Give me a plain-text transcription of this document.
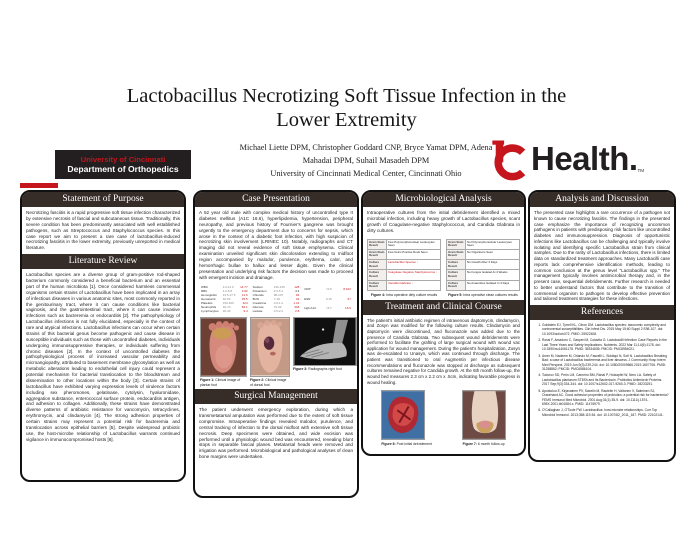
Lactobacillus Necrotizing Soft Tissue Infection in the
Lower Extremity
Michael Liette DPM, Christopher Goddard CNP, Bryce Yamat DPM, Adena
Mahadai DPM, Suhail Masadeh DPM
University of Cincinnati Medical Center, Cincinnati Ohio
University of Cincinnati
Department of Orthopedics	Health. TM
Statement of Purpose
Necrotizing fasciitis is a rapid progressive soft tissue infection characterized by extensive necrosis of fascial and subcutaneous tissue. Traditionally, this severe condition has been predominantly associated with well established pathogens, such as Streptococcus and Staphylococcus species. In this case report we aim to present a rare case of lactobacillus-induced necrotizing fasciitis in the lower extremity, previously unreported in medical literature.
Literature Review
Lactobacillus species are a diverse group of gram-positive rod-shaped bacterium commonly considered a beneficial bacterium and an essential part of the human microbiota [1]. Once considered harmless commensal organisms certain strains of Lactobacillus have been implicated in an array of infectious diseases in various anatomic sites, most commonly reported in the genitourinary tract, where it can cause conditions like bacterial vaginosis, and the gastrointestinal tract, where it can cause invasive infections such as bacteremia or endocarditis [2]. The pathophysiology of Lactobacillus infections is not fully elucidated, especially in the context of rare and atypical infections. Lactobacillus infections can occur when certain strains of this bacterial genus become pathogenic and cause disease in susceptible individuals such as those with uncontrolled diabetes, individuals undergoing immunosuppressive therapies, or individuals suffering from chronic diseases [2]. In the context of uncontrolled diabetes the pathophysiological process of increased vascular permeability and microangiopathy, attributed to basement membrane glycosylation as well as metabolic alterations leading to endothelial cell injury could represent a potential mechanism for bacterial translocation to the bloodstream and dissemination to other locations within the body [3]. Certain strains of lactobacillus have exhibited varying expression levels of virulence factors including sex pheromones, gelatinase, cytolysin, hyaluronidase, aggregation substance, enterococcal surface protein, endocarditis antigen, and adhesion to collagen. Additionally, these strains have demonstrated diverse patterns of antibiotic resistance for vancomycin, tetracyclines, erythromycin, and clindamycin [4]. The strong adhesion properties of certain strains may represent a potential risk for bacteremia and translocation across epithelial barriers [5]. Despite widespread probiotic use, the host-microbe relationship of Lactobacillus warrants continued vigilance in immunocompromised hosts [6].
Case Presentation
A 52 year old male with complex medical history of uncontrolled type II diabetes mellitus (A1C 16.6), hyperlipidemia, hypertension, peripheral neuropathy, and previous history of Fournier's gangrene was brought urgently to the emergency department due to concerns for sepsis, which arose in the context of a diabetic foot infection, with high suspicion of necrotizing skin involvement (LRINEC 10). Notably, radiographs and CT imaging did not reveal evidence of soft tissue emphysema. Clinical examination unveiled significant skin discoloration extending to midfoot region accompanied by malodor, purulence, erythema, calor, and hemorrhagic bullae to hallux and lesser digits. Given the clinical presentation and underlying risk factors the decision was made to proceed with emergent incision and drainage.
WBC	4.0-11.0	14.77
RBC	4.2-5.8	3.92
Hemoglobin	13.5-17.5	11.6
Hematocrit	40-52	35.5
Platelets	150-400	424
Neutrophils	40-70	82.1
Lymphocytes	20-40	9.4
Sodium	136-145	128
Potassium	3.5-5.1	4.3
Chloride	98-107	94
BUN	7-18	32
Creatinine	0.6-1.2	1.41
Glucose	70-99	346
Lactate	0.5-2.2	2.8
CRP	<0.5	8.162
ESR	0-15	67
Hgb A1C	<5.7	16.6
Figure 1: Clinical image of plantar foot
Figure 2: Clinical image of dorsal foot
Figure 3: Radiographs right foot
Surgical Management
The patient underwent emergency exploration, during which a transmetatarsal amputation was performed due to the extent of soft tissue compromise. Intraoperative findings revealed malodor, purulence, and central tracking of infection to the dorsal midfoot with extensive soft tissue necrosis. Deep specimens were obtained, and wide excision was performed until a physiologic wound bed was encountered, revealing blunt stops in separable fascial planes. Metatarsal heads were removed and irrigation was performed. Microbiological and pathological analyses of clean bone margins were undertaken.
Microbiological Analysis
Intraoperative cultures from the initial debridement identified a mixed microbial infection, including heavy growth of Lactobacillus species, scant growth of Coagulase-negative Staphylococcus, and Candida Glabrata in dirty cultures.
Gram Stain Result	Few Polymorphonuclear Leukocytes Seen
Gram Stain Result	Few Gram Positive Rods Seen
Culture Result	Lactobacillus Species ↑
Culture Result	Coagulase Negative Staphylococcus ↑
Culture Result	Candida Glabrata ↑
Gram Stain Result	No Polymorphonuclear Leukocytes Seen
Gram Stain Result	No Organisms Seen
Culture Result	No Growth After 3 Days
Culture Result	No Fungus Isolated At 4 Weeks
Culture Result	No Anaerobes Isolated In 3 Days
Figure 4: Intra operative dirty culture results	Figure 5: Intra operative clean cultures results
Treatment and Clinical Course
The patient's initial antibiotic regimen of intravenous daptomycin, clindamycin, and Zosyn was modified for the following culture results. Clindamycin and daptomycin were discontinued, and fluconazole was added due to the presence of Candida Glabrata. Two subsequent wound debridements were performed to facilitate the grafting of large surgical wound with wound vac application for wound management. During the patient's hospitalization, Zosyn was de-escalated to Unasyn, which was continued through discharge. The patient was transitioned to oral Augmentin per infectious disease recommendations and fluconazole was stopped at discharge as subsequent cultures remained negative for Candida growth. At the 6th month follow-up, the wound bed measures 2.3 cm x 2.2 cm x .5cm, indicating favorable progress in wound healing.
Figure 6: Post initial debridement	Figure 7: 6 month follow-up
Analysis and Discussion
The presented case highlights a rare occurrence of a pathogen not known to cause necrotizing fasciitis. The findings in the presented case emphasize the importance of recognizing uncommon pathogens in patients with predisposing risk factors like uncontrolled diabetes and immunosuppression. Diagnosis of opportunistic infections like Lactobacillus can be challenging and typically involve isolating and identifying specific Lactobacillus strain from clinical samples. Due to the rarity of Lactobacillus infections, there is limited data on standardized treatment approaches. Many Lactobacilli case reports lack comprehensive identification methods, leading to common conclusion at the genus level “Lactobacillus spp.” The management typically involves antimicrobial therapy and, in the present case, sequential debridements. Further research is needed to better understand factors that contribute to the transition of commensal organism to pathogen to develop effective prevention and tailored treatment strategies for these infections.
References
1. Goldstein EJ, Tyrrell KL, Citron DM. Lactobacillus species: taxonomic complexity and controversial susceptibilities. Clin Infect Dis. 2015 May 15;60 Suppl 2:S98-107. doi: 10.1093/cid/civ072. PMID: 25922408.
2. Rossi F, Amadoro C, Gasperi M, Colavita G. Lactobacilli Infection Case Reports in the Last Three Years and Safety Implications. Nutrients. 2022 Mar 11;14(6):1178. doi: 10.3390/nu14061178. PMID: 35334835; PMCID: PMC8954021.
3. Amer M, Nadeem M, Orlando M, Fascelli L, Siddiqui N, Sofi N. Lactobacillus Breaking Bad: a case of Lactobacillus bacteremia and liver abscess. J Community Hosp Intern Med Perspect. 2019 Jun;9(3):239-244. doi: 10.1080/20009666.2019.1607706. PMID: 31258862; PMCID: PMC6586104.
4. Todorov SD, Perin LM, Carneiro BM, Rahal P, Holzapfel W, Nero LA. Safety of Lactobacillus plantarum ST8Sh and Its Bacteriocin. Probiotics Antimicrob Proteins. 2017 Sep;9(3):334-344. doi: 10.1007/s12602-017-9260-3. PMID: 28233251.
5. Apostolou E, Kirjavainen PV, Saxelin M, Rautelin H, Valtonen V, Salminen SJ, Ouwehand AC. Good adhesion properties of probiotics: a potential risk for bacteremia? FEMS Immunol Med Microbiol. 2001 Aug;31(1):35-9. doi: 10.1111/j.1574-695X.2001.tb01584.x. PMID: 11476979.
6. O'Callaghan J, O'Toole PW. Lactobacillus: host-microbe relationships. Curr Top Microbiol Immunol. 2013;358:119-54. doi: 10.1007/82_2011_187. PMID: 22102141.
